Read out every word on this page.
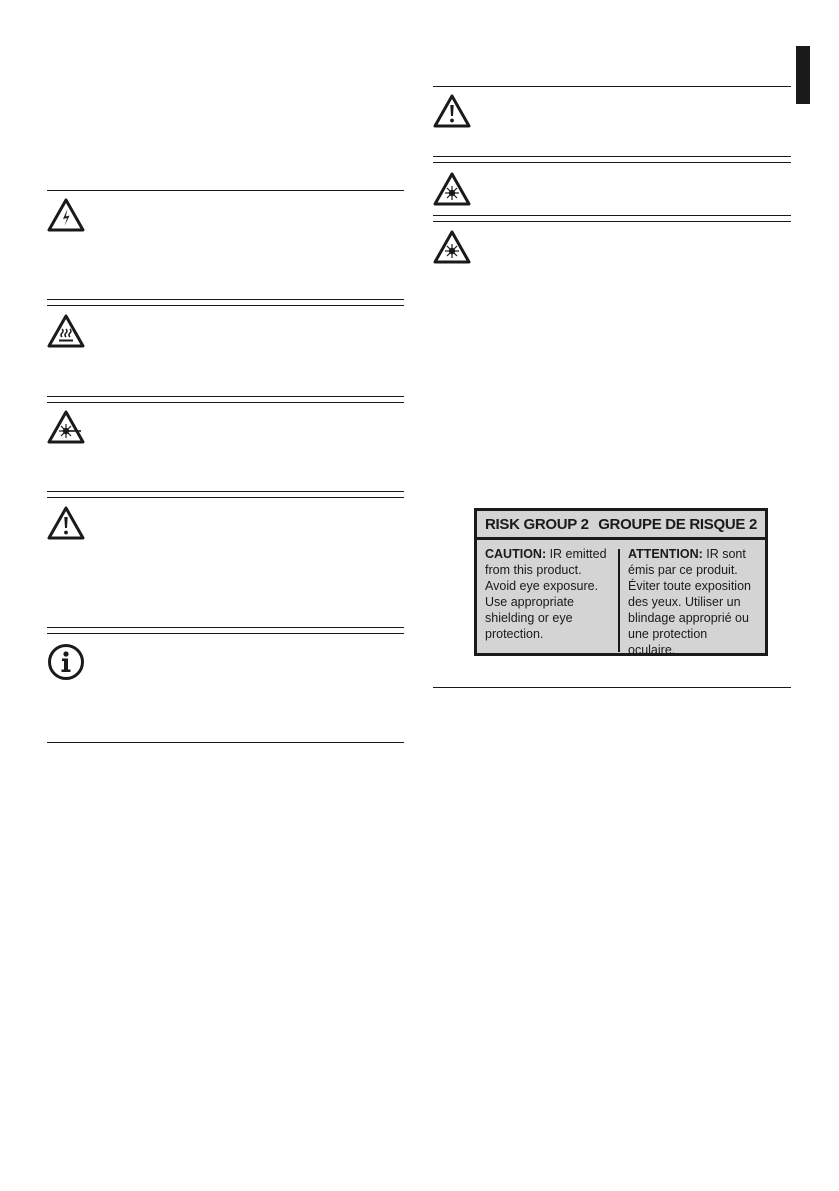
RISK GROUP 2 GROUPE DE RISQUE 2
CAUTION: IR emitted from this product. Avoid eye exposure. Use appropriate shielding or eye protection.
ATTENTION: IR sont émis par ce produit. Éviter toute exposition des yeux. Utiliser un blindage approprié ou une protection oculaire.
